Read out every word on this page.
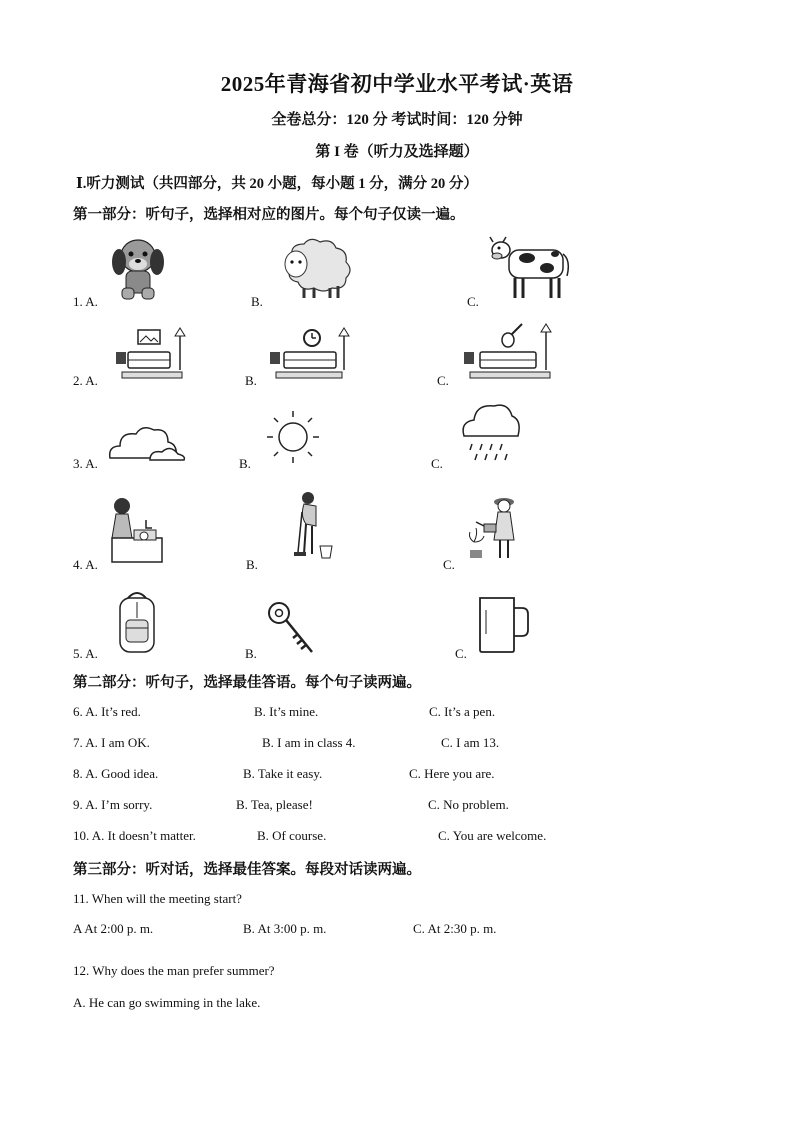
2025年青海省初中学业水平考试·英语
全卷总分：120 分 考试时间：120 分钟
第 I 卷（听力及选择题）
Ⅰ.听力测试（共四部分，共 20 小题，每小题 1 分，满分 20 分）
第一部分：听句子，选择相对应的图片。每个句子仅读一遍。
1. A.	B.	C.
2. A.	B.	C.
3. A.	B.	C.
4. A.	B.	C.
5. A.	B.	C.
第二部分：听句子，选择最佳答语。每个句子读两遍。
6. A. It’s red.	B. It’s mine.	C. It’s a pen.
7. A. I am OK.	B. I am in class 4.	C. I am 13.
8. A. Good idea.	B. Take it easy.	C. Here you are.
9. A. I’m sorry.	B. Tea, please!	C. No problem.
10. A. It doesn’t matter.	B. Of course.	C. You are welcome.
第三部分：听对话，选择最佳答案。每段对话读两遍。
11. When will the meeting start?
A At 2:00 p. m.	B. At 3:00 p. m.	C. At 2:30 p. m.
12. Why does the man prefer summer?
A. He can go swimming in the lake.
